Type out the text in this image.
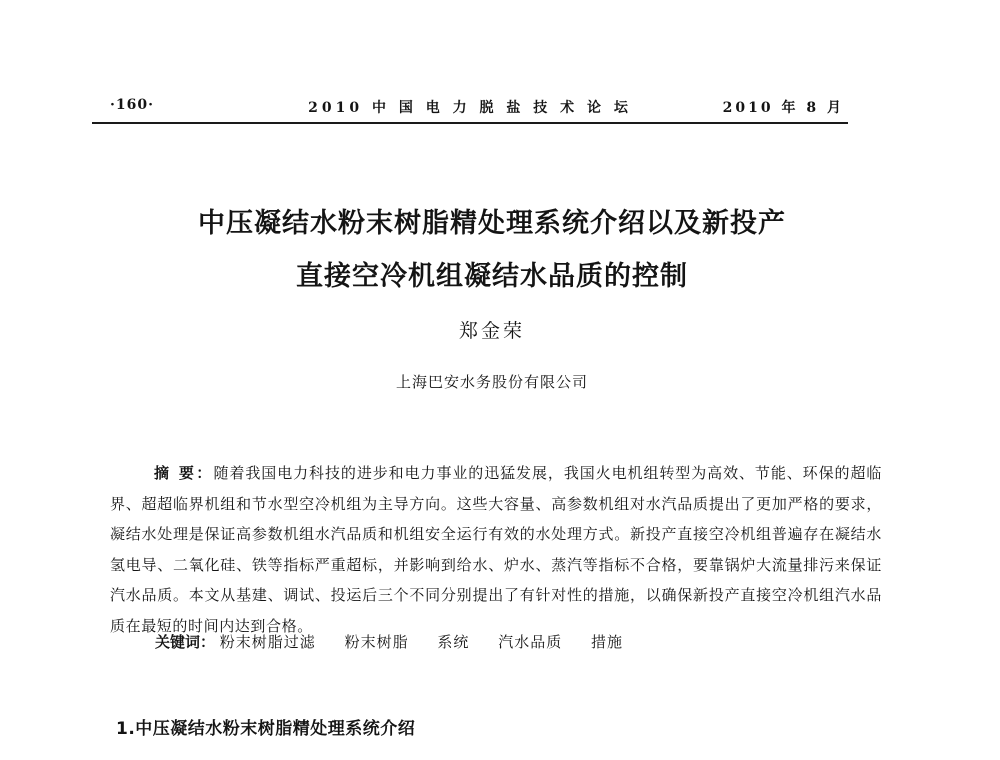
·160·	2010 中 国 电 力 脱 盐 技 术 论 坛	2010 年 8 月
中压凝结水粉末树脂精处理系统介绍以及新投产
直接空冷机组凝结水品质的控制
郑金荣
上海巴安水务股份有限公司
摘 要：随着我国电力科技的进步和电力事业的迅猛发展，我国火电机组转型为高效、节能、环保的超临界、超超临界机组和节水型空冷机组为主导方向。这些大容量、高参数机组对水汽品质提出了更加严格的要求，凝结水处理是保证高参数机组水汽品质和机组安全运行有效的水处理方式。新投产直接空冷机组普遍存在凝结水氢电导、二氧化硅、铁等指标严重超标，并影响到给水、炉水、蒸汽等指标不合格，要靠锅炉大流量排污来保证汽水品质。本文从基建、调试、投运后三个不同分别提出了有针对性的措施，以确保新投产直接空冷机组汽水品质在最短的时间内达到合格。
关键词： 粉末树脂过滤 粉末树脂 系统 汽水品质 措施
1.中压凝结水粉末树脂精处理系统介绍
